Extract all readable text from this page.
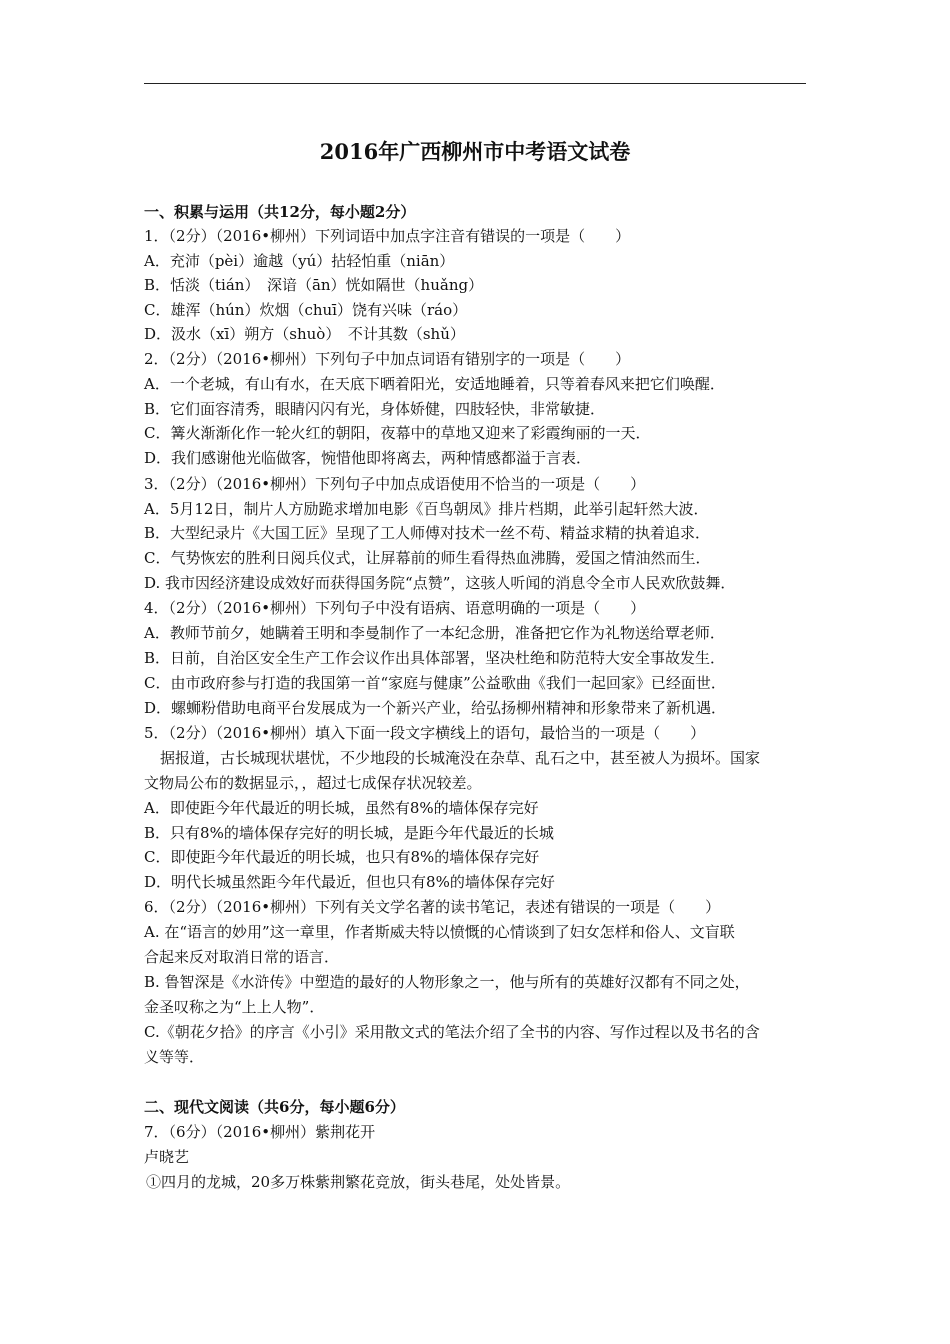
2016年广西柳州市中考语文试卷
一、积累与运用（共12分，每小题2分）
1．（2分）（2016•柳州）下列词语中加点字注音有错误的一项是（　　）
A．充沛（pèi）逾越（yú）拈轻怕重（niān）
B．恬淡（tián）　深谙（ān）恍如隔世（huǎng）
C．雄浑（hún）炊烟（chuī）饶有兴味（ráo）
D．汲水（xī）朔方（shuò）　不计其数（shǔ）
2．（2分）（2016•柳州）下列句子中加点词语有错别字的一项是（　　）
A．一个老城，有山有水，在天底下晒着阳光，安适地睡着，只等着春风来把它们唤醒．
B．它们面容清秀，眼睛闪闪有光，身体娇健，四肢轻快，非常敏捷．
C．篝火渐渐化作一轮火红的朝阳，夜幕中的草地又迎来了彩霞绚丽的一天．
D．我们感谢他光临做客，惋惜他即将离去，两种情感都溢于言表．
3．（2分）（2016•柳州）下列句子中加点成语使用不恰当的一项是（　　）
A．5月12日，制片人方励跪求增加电影《百鸟朝凤》排片档期，此举引起轩然大波．
B．大型纪录片《大国工匠》呈现了工人师傅对技术一丝不苟、精益求精的执着追求．
C．气势恢宏的胜利日阅兵仪式，让屏幕前的师生看得热血沸腾，爱国之情油然而生．
D. 我市因经济建设成效好而获得国务院“点赞”，这骇人听闻的消息令全市人民欢欣鼓舞．
4．（2分）（2016•柳州）下列句子中没有语病、语意明确的一项是（　　）
A．教师节前夕，她瞒着王明和李曼制作了一本纪念册，准备把它作为礼物送给覃老师．
B．日前，自治区安全生产工作会议作出具体部署，坚决杜绝和防范特大安全事故发生．
C．由市政府参与打造的我国第一首“家庭与健康”公益歌曲《我们一起回家》已经面世．
D．螺蛳粉借助电商平台发展成为一个新兴产业，给弘扬柳州精神和形象带来了新机遇．
5．（2分）（2016•柳州）填入下面一段文字横线上的语句，最恰当的一项是（　　）
据报道，古长城现状堪忧，不少地段的长城淹没在杂草、乱石之中，甚至被人为损坏。国家
文物局公布的数据显示，，超过七成保存状况较差。
A．即使距今年代最近的明长城，虽然有8%的墙体保存完好
B．只有8%的墙体保存完好的明长城，是距今年代最近的长城
C．即使距今年代最近的明长城，也只有8%的墙体保存完好
D．明代长城虽然距今年代最近，但也只有8%的墙体保存完好
6．（2分）（2016•柳州）下列有关文学名著的读书笔记，表述有错误的一项是（　　）
A. 在“语言的妙用”这一章里，作者斯威夫特以愤慨的心情谈到了妇女怎样和俗人、文盲联
合起来反对取消日常的语言．
B. 鲁智深是《水浒传》中塑造的最好的人物形象之一，他与所有的英雄好汉都有不同之处，
金圣叹称之为“上上人物”．
C.《朝花夕拾》的序言《小引》采用散文式的笔法介绍了全书的内容、写作过程以及书名的含
义等等．
二、现代文阅读（共6分，每小题6分）
7．（6分）（2016•柳州）紫荆花开
卢晓艺
①四月的龙城，20多万株紫荆繁花竞放，街头巷尾，处处皆景。
